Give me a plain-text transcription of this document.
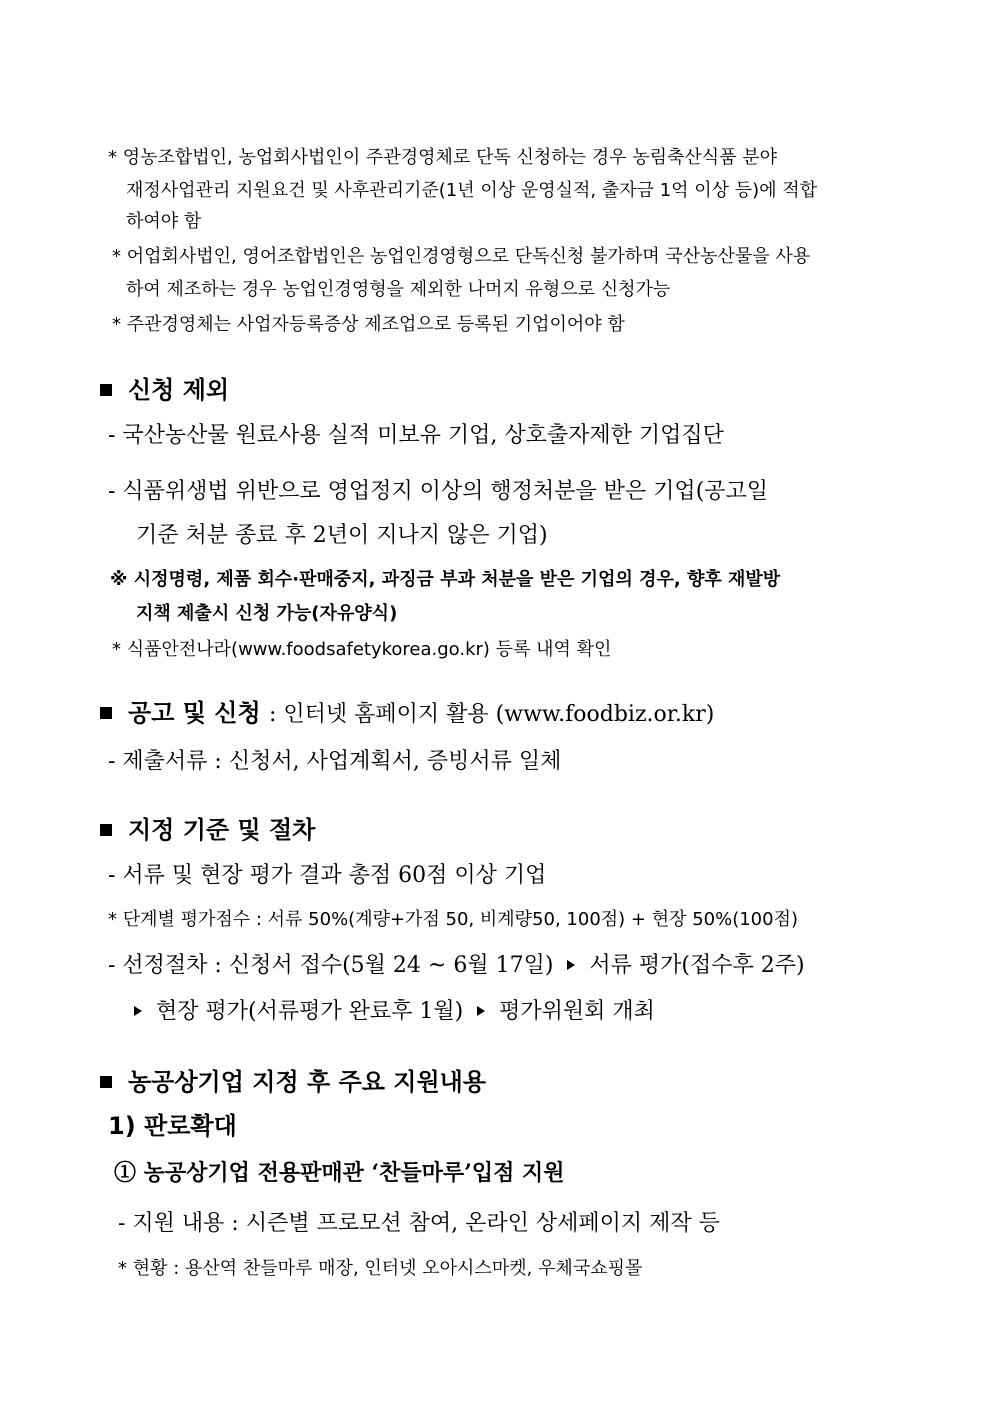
* 영농조합법인, 농업회사법인이 주관경영체로 단독 신청하는 경우 농림축산식품 분야
재정사업관리 지원요건 및 사후관리기준(1년 이상 운영실적, 출자금 1억 이상 등)에 적합
하여야 함
* 어업회사법인, 영어조합법인은 농업인경영형으로 단독신청 불가하며 국산농산물을 사용
하여 제조하는 경우 농업인경영형을 제외한 나머지 유형으로 신청가능
* 주관경영체는 사업자등록증상 제조업으로 등록된 기업이어야 함
신청 제외
- 국산농산물 원료사용 실적 미보유 기업, 상호출자제한 기업집단
- 식품위생법 위반으로 영업정지 이상의 행정처분을 받은 기업(공고일
기준 처분 종료 후 2년이 지나지 않은 기업)
※ 시정명령, 제품 회수·판매중지, 과징금 부과 처분을 받은 기업의 경우, 향후 재발방
지책 제출시 신청 가능(자유양식)
* 식품안전나라(www.foodsafetykorea.go.kr) 등록 내역 확인
공고 및 신청 : 인터넷 홈페이지 활용 (www.foodbiz.or.kr)
- 제출서류 : 신청서, 사업계획서, 증빙서류 일체
지정 기준 및 절차
- 서류 및 현장 평가 결과 총점 60점 이상 기업
* 단계별 평가점수 : 서류 50%(계량+가점 50, 비계량50, 100점) + 현장 50%(100점)
- 선정절차 : 신청서 접수(5월 24 ~ 6월 17일) 서류 평가(접수후 2주)
현장 평가(서류평가 완료후 1월) 평가위원회 개최
농공상기업 지정 후 주요 지원내용
1) 판로확대
① 농공상기업 전용판매관 ‘찬들마루’입점 지원
- 지원 내용 : 시즌별 프로모션 참여, 온라인 상세페이지 제작 등
* 현황 : 용산역 찬들마루 매장, 인터넷 오아시스마켓, 우체국쇼핑몰
